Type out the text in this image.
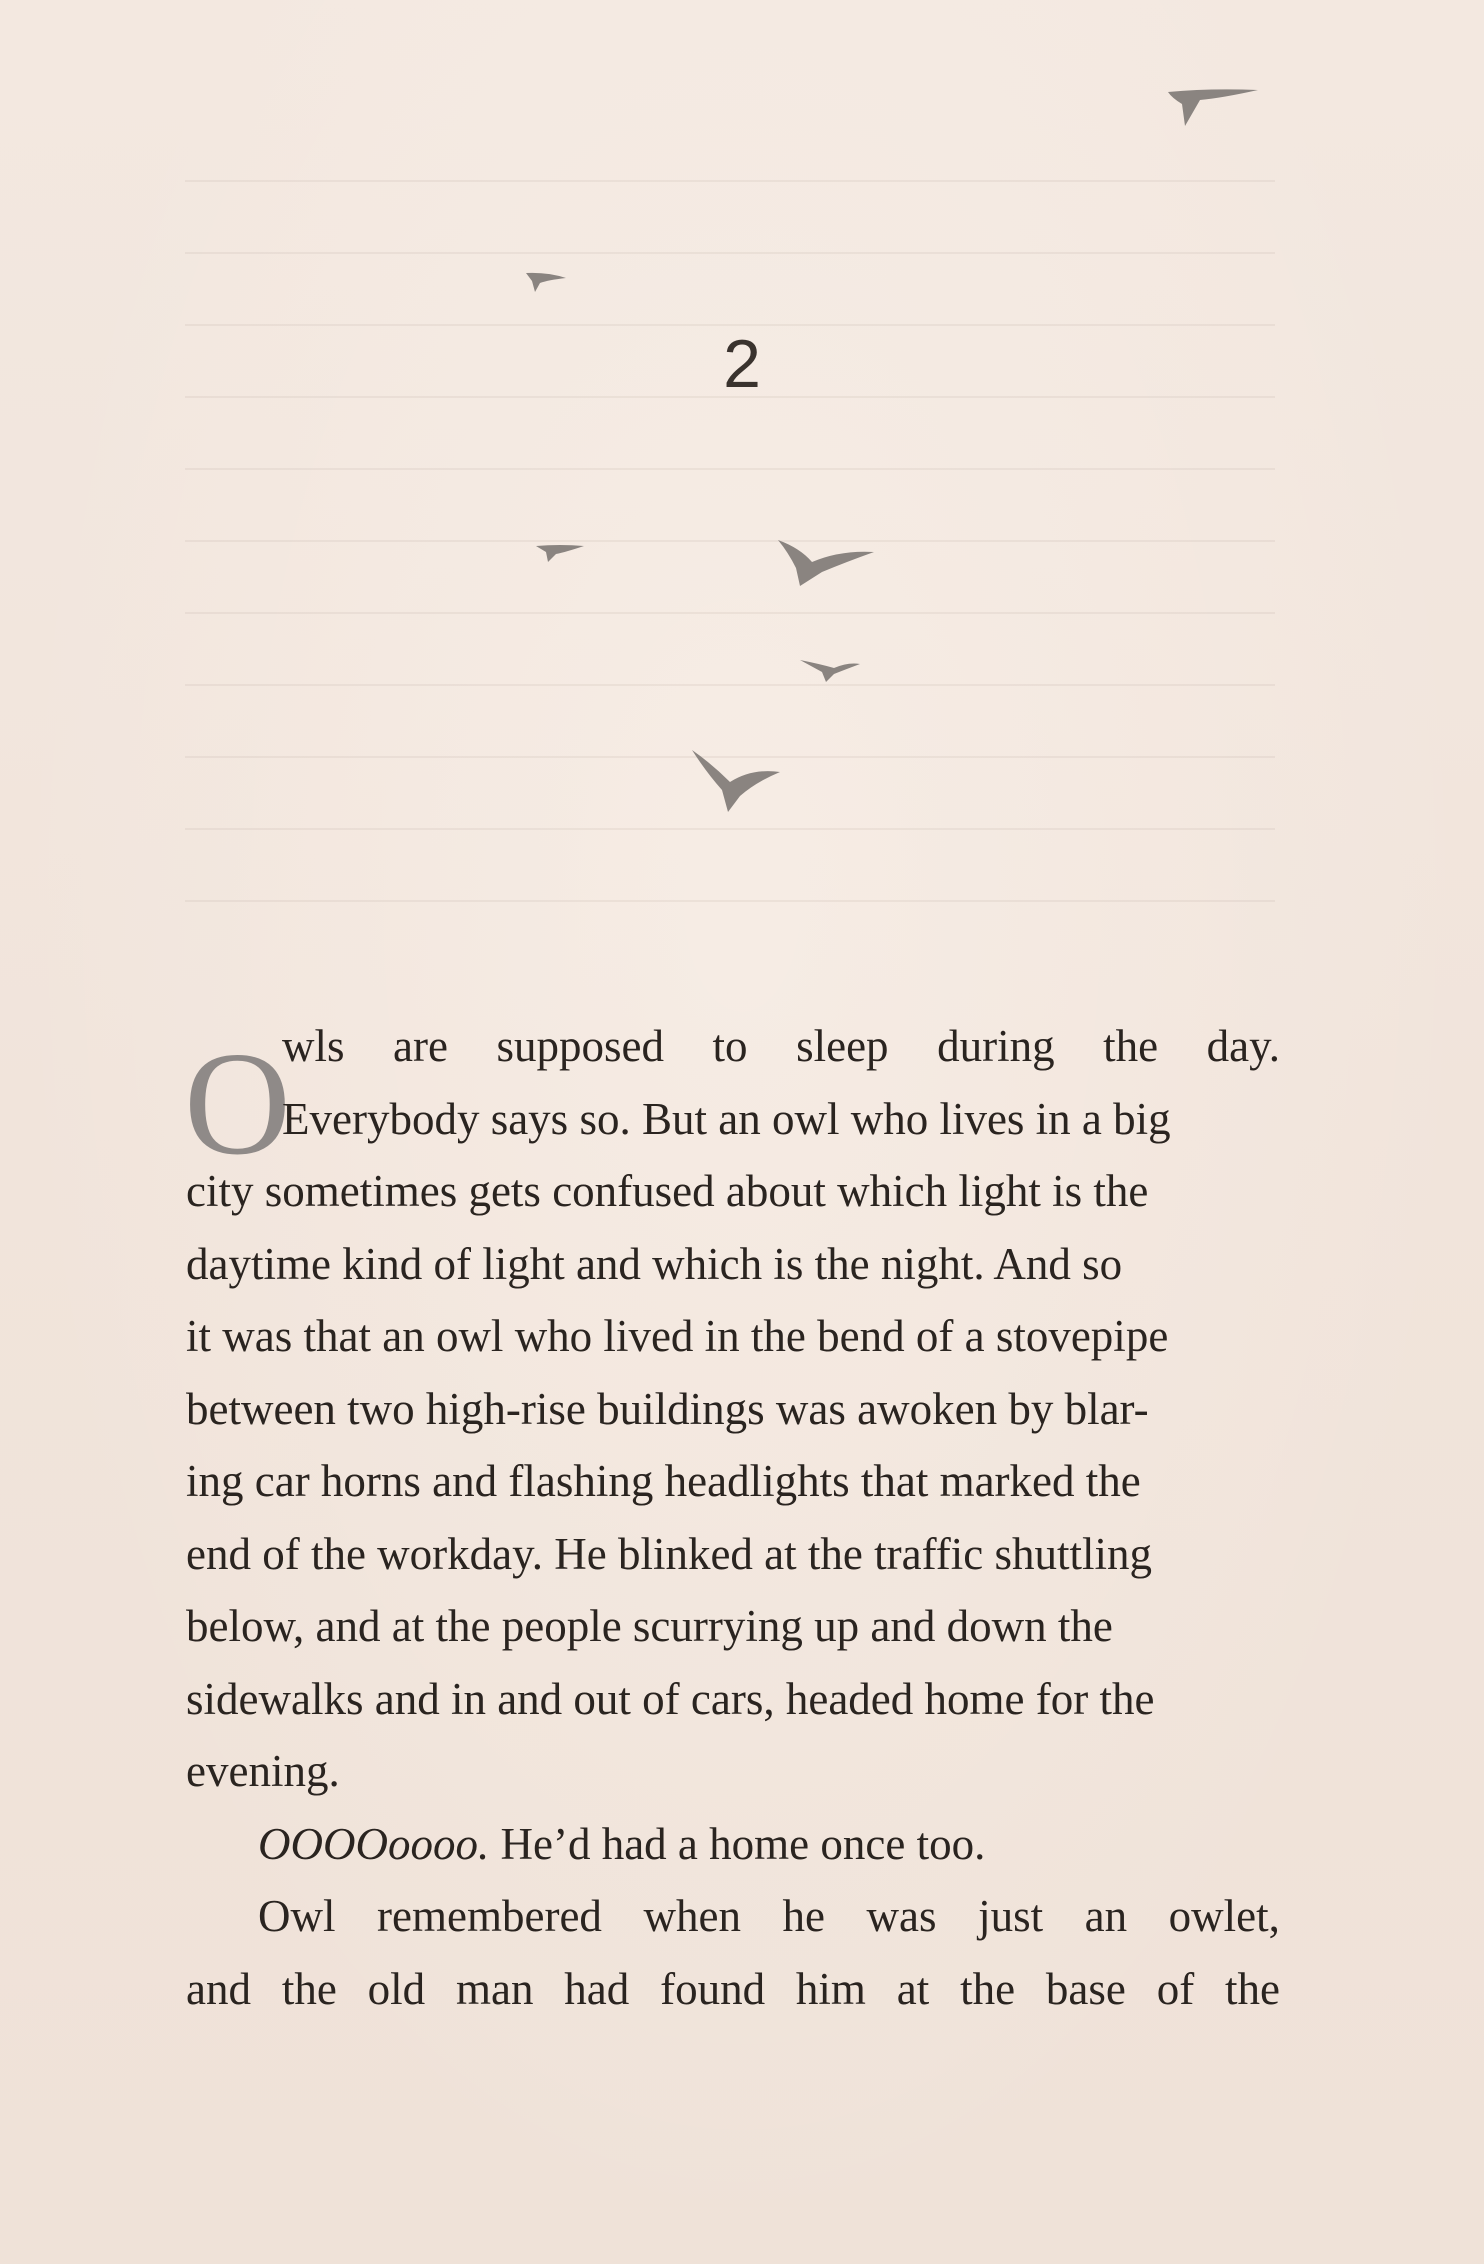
2
O
wls are supposed to sleep during the day.
Everybody says so. But an owl who lives in a big
city sometimes gets confused about which light is the
daytime kind of light and which is the night. And so
it was that an owl who lived in the bend of a stovepipe
between two high-rise buildings was awoken by blar-
ing car horns and flashing headlights that marked the
end of the workday. He blinked at the traffic shuttling
below, and at the people scurrying up and down the
sidewalks and in and out of cars, headed home for the
evening.
OOOOoooo. He’d had a home once too.
Owl remembered when he was just an owlet,
and the old man had found him at the base of the
